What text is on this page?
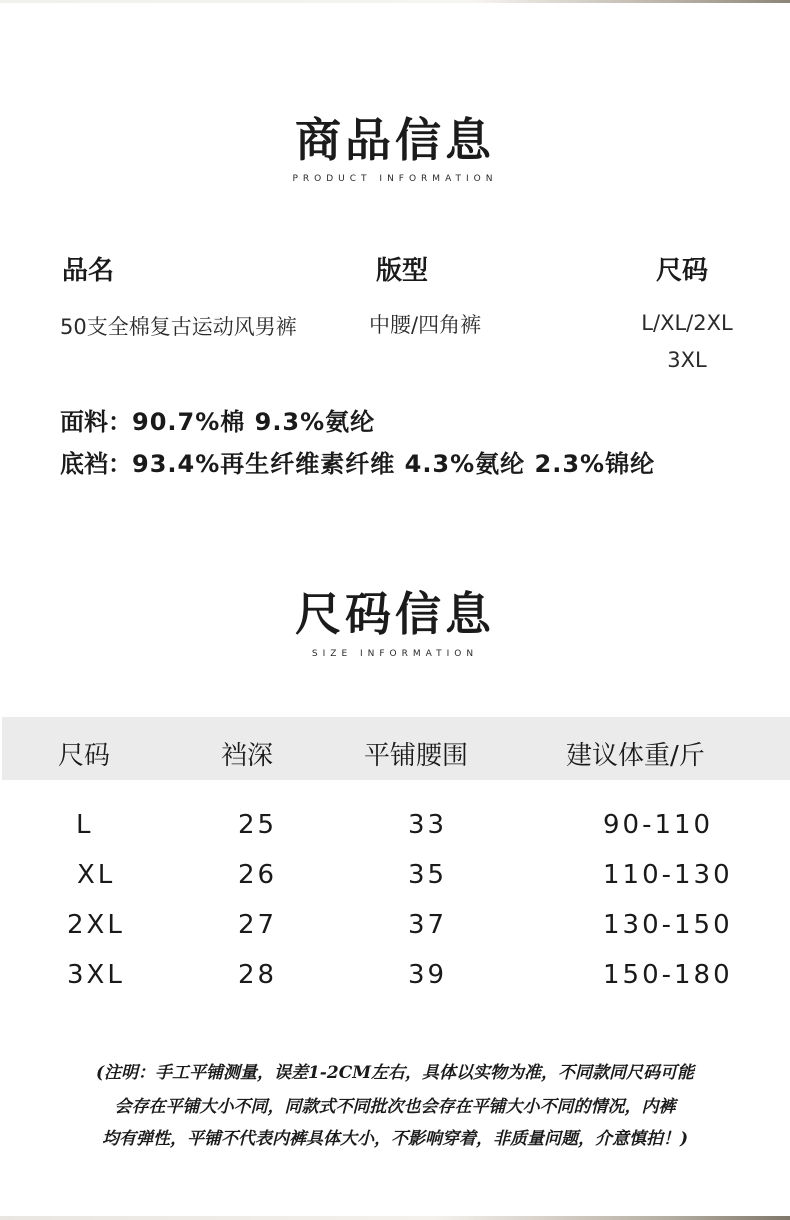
商品信息
PRODUCT INFORMATION
品名	版型	尺码
50支全棉复古运动风男裤	中腰/四角裤	L/XL/2XL
3XL
面料：90.7%棉 9.3%氨纶
底裆：93.4%再生纤维素纤维 4.3%氨纶 2.3%锦纶
尺码信息
SIZE INFORMATION
尺码	裆深	平铺腰围	建议体重/斤
L	25	33	90-110
XL	26	35	110-130
2XL	27	37	130-150
3XL	28	39	150-180
(注明：手工平铺测量，误差1-2CM左右，具体以实物为准，不同款同尺码可能
会存在平铺大小不同，同款式不同批次也会存在平铺大小不同的情况，内裤
均有弹性，平铺不代表内裤具体大小，不影响穿着，非质量问题，介意慎拍！)
